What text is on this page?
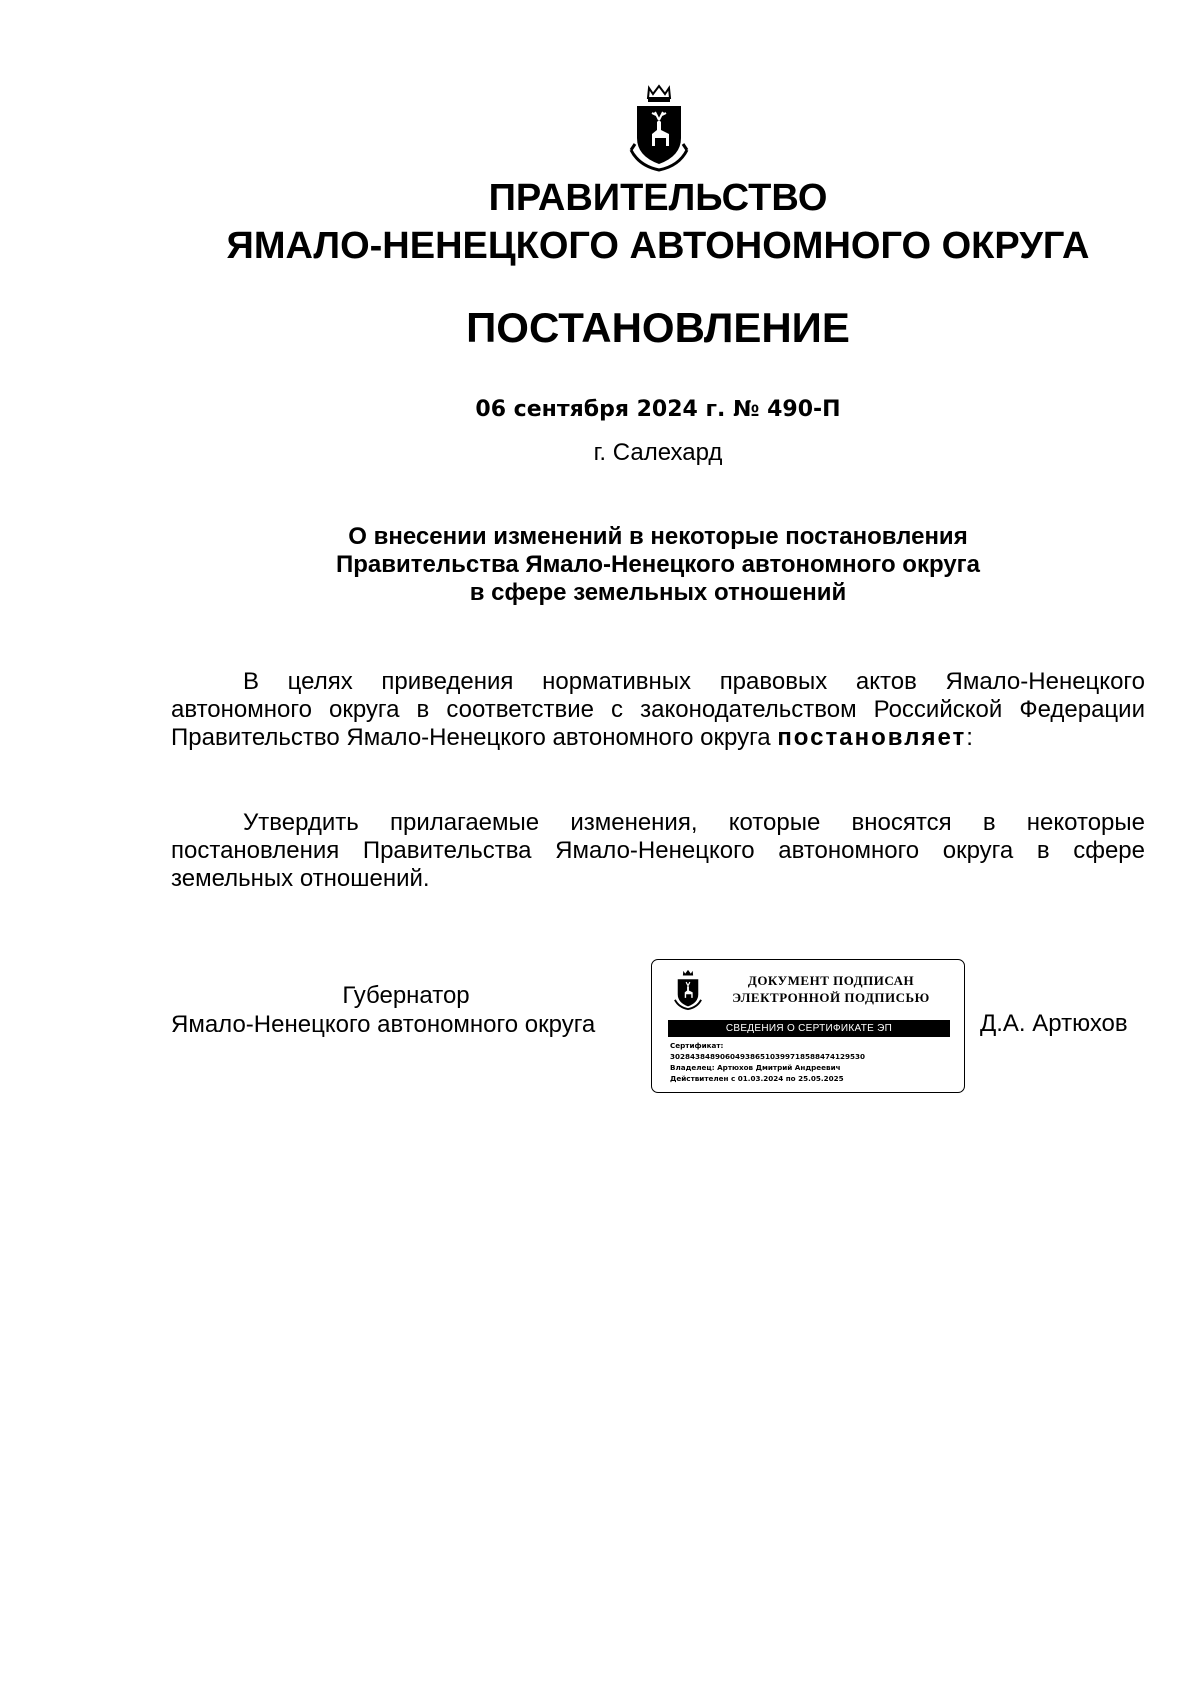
ПРАВИТЕЛЬСТВО
ЯМАЛО-НЕНЕЦКОГО АВТОНОМНОГО ОКРУГА
ПОСТАНОВЛЕНИЕ
06 сентября 2024 г. № 490-П
г. Салехард
О внесении изменений в некоторые постановления
Правительства Ямало-Ненецкого автономного округа
в сфере земельных отношений

В целях приведения нормативных правовых актов Ямало-Ненецкого автономного округа в соответствие с законодательством Российской Федерации Правительство Ямало-Ненецкого автономного округа постановляет:

Утвердить прилагаемые изменения, которые вносятся в некоторые постановления Правительства Ямало-Ненецкого автономного округа в сфере земельных отношений.

Губернатор
Ямало-Ненецкого автономного округа
ДОКУМЕНТ ПОДПИСАН
ЭЛЕКТРОННОЙ ПОДПИСЬЮ
СВЕДЕНИЯ О СЕРТИФИКАТЕ ЭП
Сертификат:
302843848906049386510399718588474129530
Владелец: Артюхов Дмитрий Андреевич
Действителен с 01.03.2024 по 25.05.2025
Д.А. Артюхов
